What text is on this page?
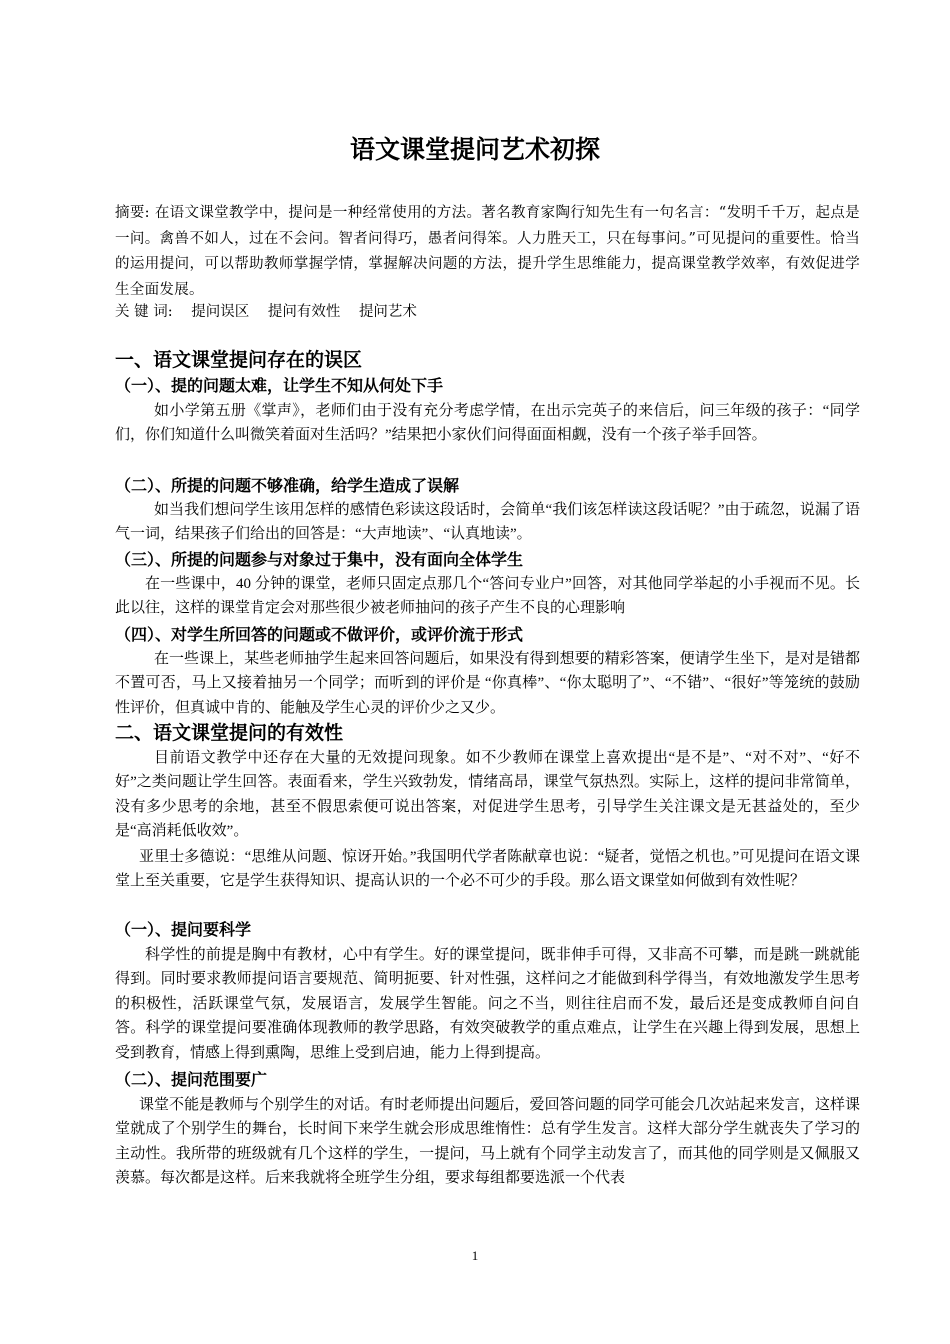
语文课堂提问艺术初探
摘要: 在语文课堂教学中，提问是一种经常使用的方法。著名教育家陶行知先生有一句名言：“发明千千万，起点是一问。禽兽不如人，过在不会问。智者问得巧，愚者问得笨。人力胜天工，只在每事问。”可见提问的重要性。恰当的运用提问，可以帮助教师掌握学情，掌握解决问题的方法，提升学生思维能力，提高课堂教学效率，有效促进学生全面发展。
关 键 词: 提问误区 提问有效性 提问艺术
一、语文课堂提问存在的误区
（一）、提的问题太难，让学生不知从何处下手
如小学第五册《掌声》，老师们由于没有充分考虑学情，在出示完英子的来信后，问三年级的孩子：“同学们，你们知道什么叫微笑着面对生活吗？”结果把小家伙们问得面面相觑，没有一个孩子举手回答。
（二）、所提的问题不够准确，给学生造成了误解
如当我们想问学生该用怎样的感情色彩读这段话时，会简单“我们该怎样读这段话呢？”由于疏忽，说漏了语气一词，结果孩子们给出的回答是：“大声地读”、“认真地读”。
（三）、所提的问题参与对象过于集中，没有面向全体学生
在一些课中，40 分钟的课堂，老师只固定点那几个“答问专业户”回答，对其他同学举起的小手视而不见。长此以往，这样的课堂肯定会对那些很少被老师抽问的孩子产生不良的心理影响
（四）、对学生所回答的问题或不做评价，或评价流于形式
在一些课上，某些老师抽学生起来回答问题后，如果没有得到想要的精彩答案，便请学生坐下，是对是错都不置可否，马上又接着抽另一个同学；而听到的评价是 “你真棒”、“你太聪明了”、“不错”、“很好”等笼统的鼓励性评价，但真诚中肯的、能触及学生心灵的评价少之又少。
二、语文课堂提问的有效性
目前语文教学中还存在大量的无效提问现象。如不少教师在课堂上喜欢提出“是不是”、“对不对”、“好不好”之类问题让学生回答。表面看来，学生兴致勃发，情绪高昂，课堂气氛热烈。实际上，这样的提问非常简单，没有多少思考的余地，甚至不假思索便可说出答案，对促进学生思考，引导学生关注课文是无甚益处的，至少是“高消耗低收效”。
亚里士多德说：“思维从问题、惊讶开始。”我国明代学者陈献章也说：“疑者，觉悟之机也。”可见提问在语文课堂上至关重要，它是学生获得知识、提高认识的一个必不可少的手段。那么语文课堂如何做到有效性呢？
（一）、提问要科学
科学性的前提是胸中有教材，心中有学生。好的课堂提问，既非伸手可得，又非高不可攀，而是跳一跳就能得到。同时要求教师提问语言要规范、简明扼要、针对性强，这样问之才能做到科学得当，有效地激发学生思考的积极性，活跃课堂气氛，发展语言，发展学生智能。问之不当，则往往启而不发，最后还是变成教师自问自答。科学的课堂提问要准确体现教师的教学思路，有效突破教学的重点难点，让学生在兴趣上得到发展，思想上受到教育，情感上得到熏陶，思维上受到启迪，能力上得到提高。
（二）、提问范围要广
课堂不能是教师与个别学生的对话。有时老师提出问题后，爱回答问题的同学可能会几次站起来发言，这样课堂就成了个别学生的舞台，长时间下来学生就会形成思维惰性：总有学生发言。这样大部分学生就丧失了学习的主动性。我所带的班级就有几个这样的学生，一提问，马上就有个同学主动发言了，而其他的同学则是又佩服又羡慕。每次都是这样。后来我就将全班学生分组，要求每组都要选派一个代表
1
